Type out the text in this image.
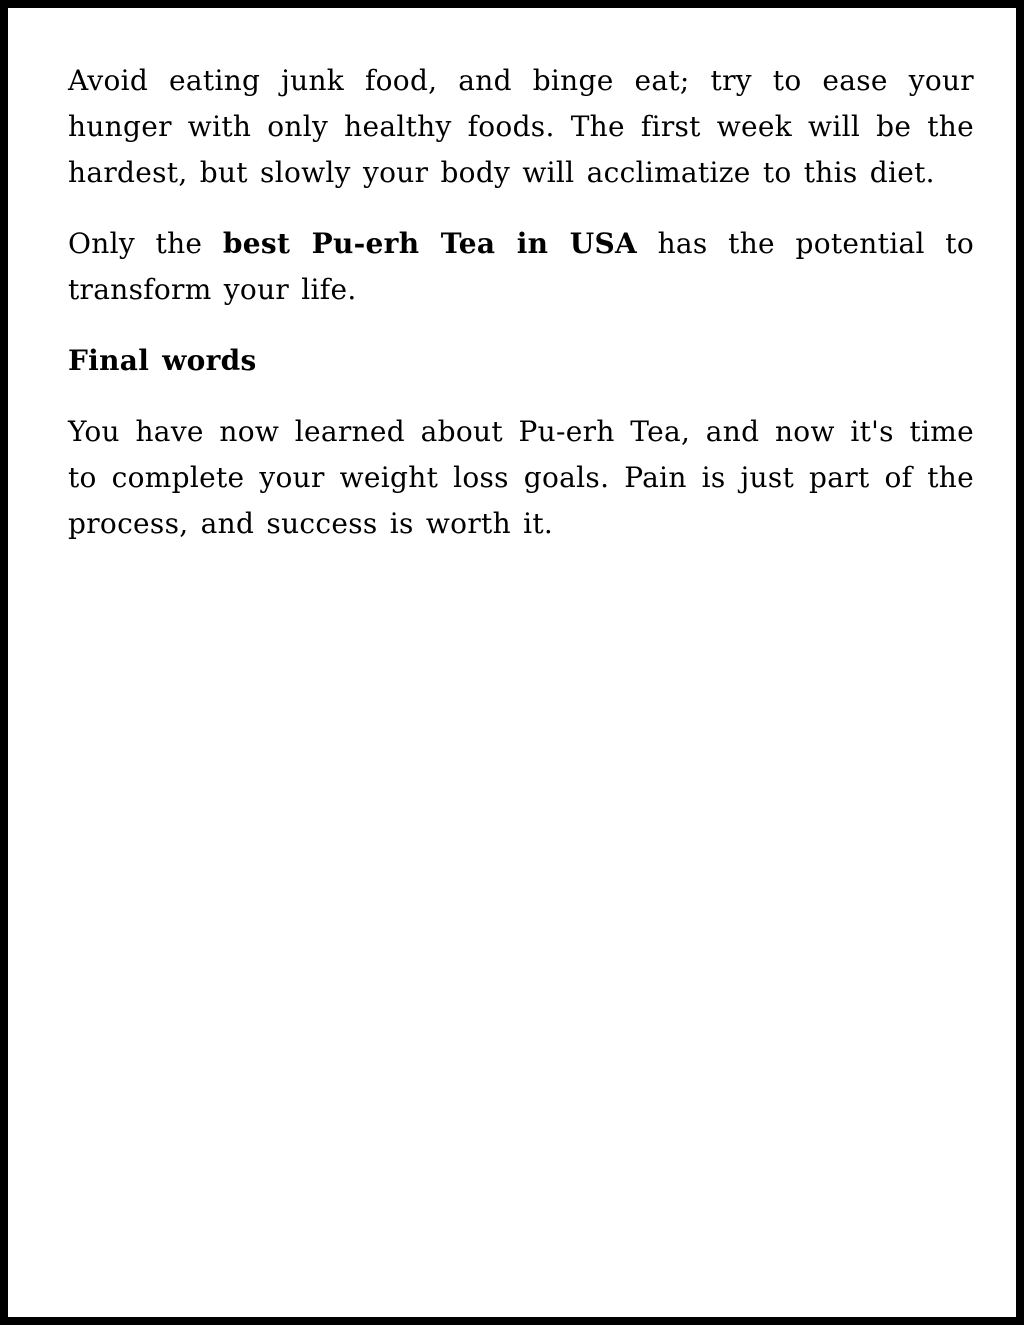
Avoid eating junk food, and binge eat; try to ease your hunger with only healthy foods. The first week will be the hardest, but slowly your body will acclimatize to this diet.

Only the best Pu-erh Tea in USA has the potential to transform your life.

Final words

You have now learned about Pu-erh Tea, and now it's time to complete your weight loss goals. Pain is just part of the process, and success is worth it.
